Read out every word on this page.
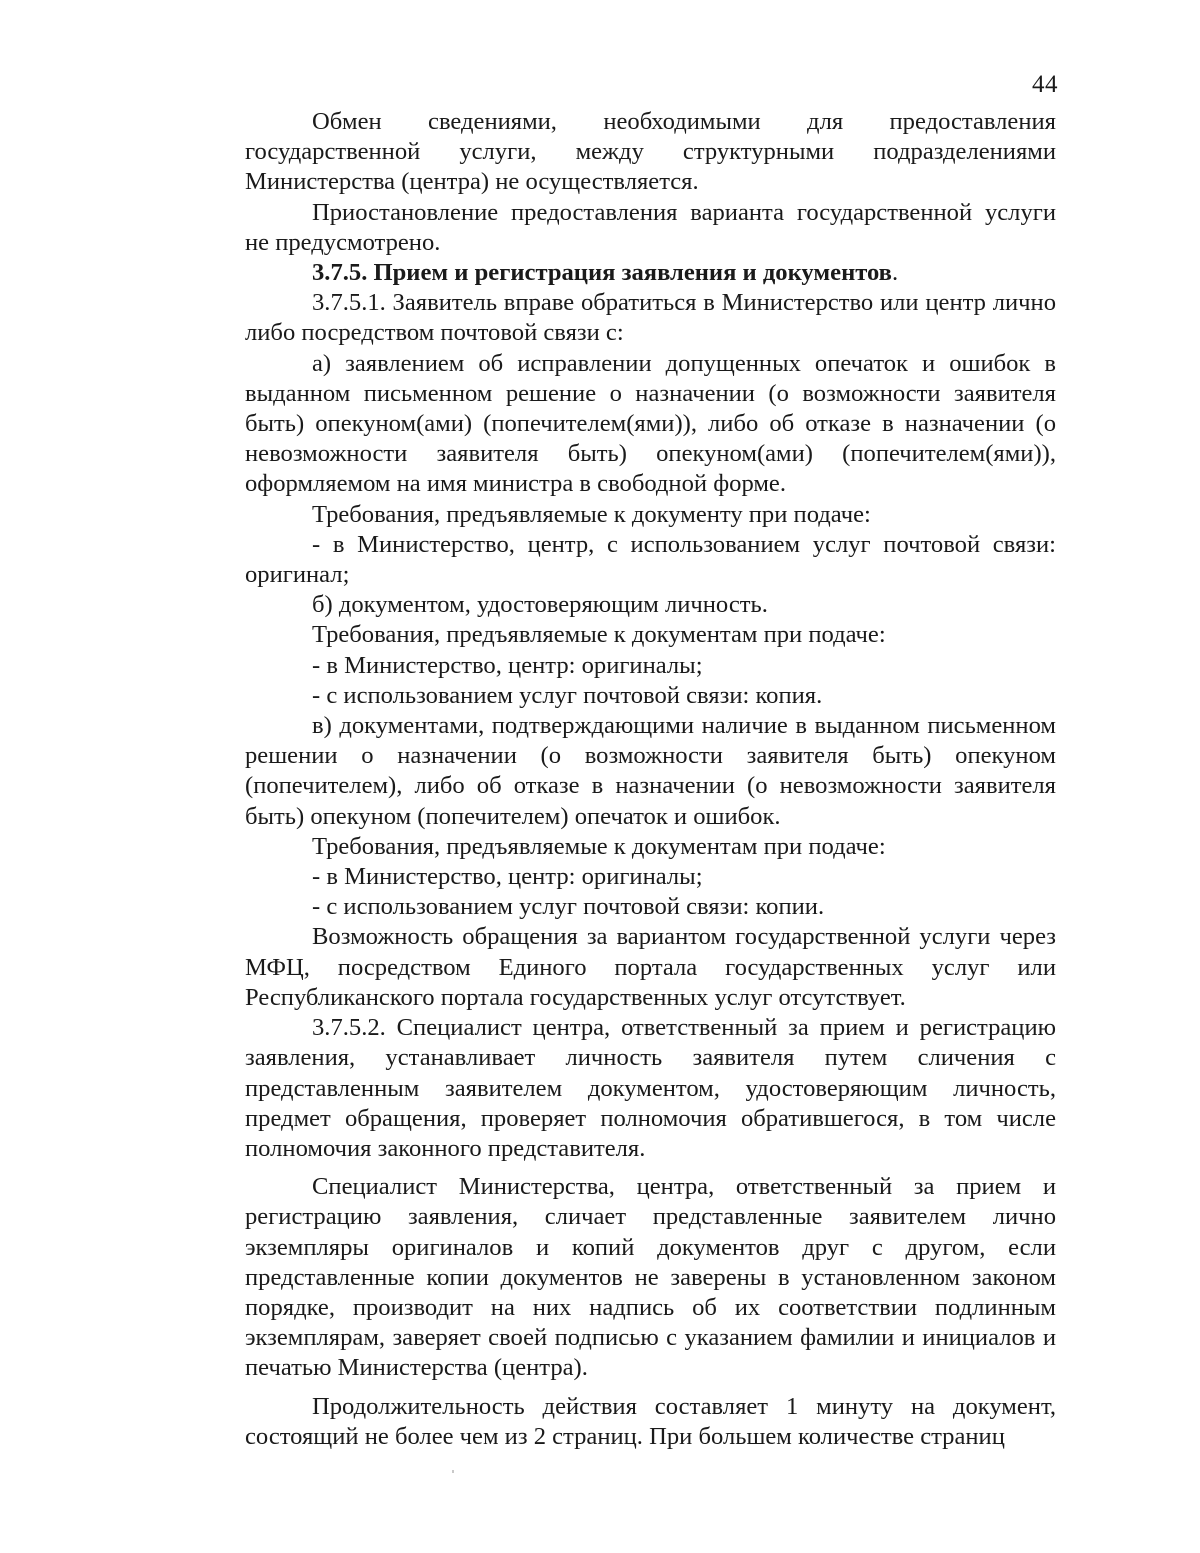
44

Обмен сведениями, необходимыми для предоставления государственной услуги, между структурными подразделениями Министерства (центра) не осуществляется.

Приостановление предоставления варианта государственной услуги не предусмотрено.

3.7.5. Прием и регистрация заявления и документов.

3.7.5.1. Заявитель вправе обратиться в Министерство или центр лично либо посредством почтовой связи с:

а) заявлением об исправлении допущенных опечаток и ошибок в выданном письменном решение о назначении (о возможности заявителя быть) опекуном(ами) (попечителем(ями)), либо об отказе в назначении (о невозможности заявителя быть) опекуном(ами) (попечителем(ями)), оформляемом на имя министра в свободной форме.

Требования, предъявляемые к документу при подаче:

- в Министерство, центр, с использованием услуг почтовой связи: оригинал;

б) документом, удостоверяющим личность.

Требования, предъявляемые к документам при подаче:

- в Министерство, центр: оригиналы;

- с использованием услуг почтовой связи: копия.

в) документами, подтверждающими наличие в выданном письменном решении о назначении (о возможности заявителя быть) опекуном (попечителем), либо об отказе в назначении (о невозможности заявителя быть) опекуном (попечителем) опечаток и ошибок.

Требования, предъявляемые к документам при подаче:

- в Министерство, центр: оригиналы;

- с использованием услуг почтовой связи: копии.

Возможность обращения за вариантом государственной услуги через МФЦ, посредством Единого портала государственных услуг или Республиканского портала государственных услуг отсутствует.

3.7.5.2. Специалист центра, ответственный за прием и регистрацию заявления, устанавливает личность заявителя путем сличения с представленным заявителем документом, удостоверяющим личность, предмет обращения, проверяет полномочия обратившегося, в том числе полномочия законного представителя.

Специалист Министерства, центра, ответственный за прием и регистрацию заявления, сличает представленные заявителем лично экземпляры оригиналов и копий документов друг с другом, если представленные копии документов не заверены в установленном законом порядке, производит на них надпись об их соответствии подлинным экземплярам, заверяет своей подписью с указанием фамилии и инициалов и печатью Министерства (центра).

Продолжительность действия составляет 1 минуту на документ, состоящий не более чем из 2 страниц. При большем количестве страниц
